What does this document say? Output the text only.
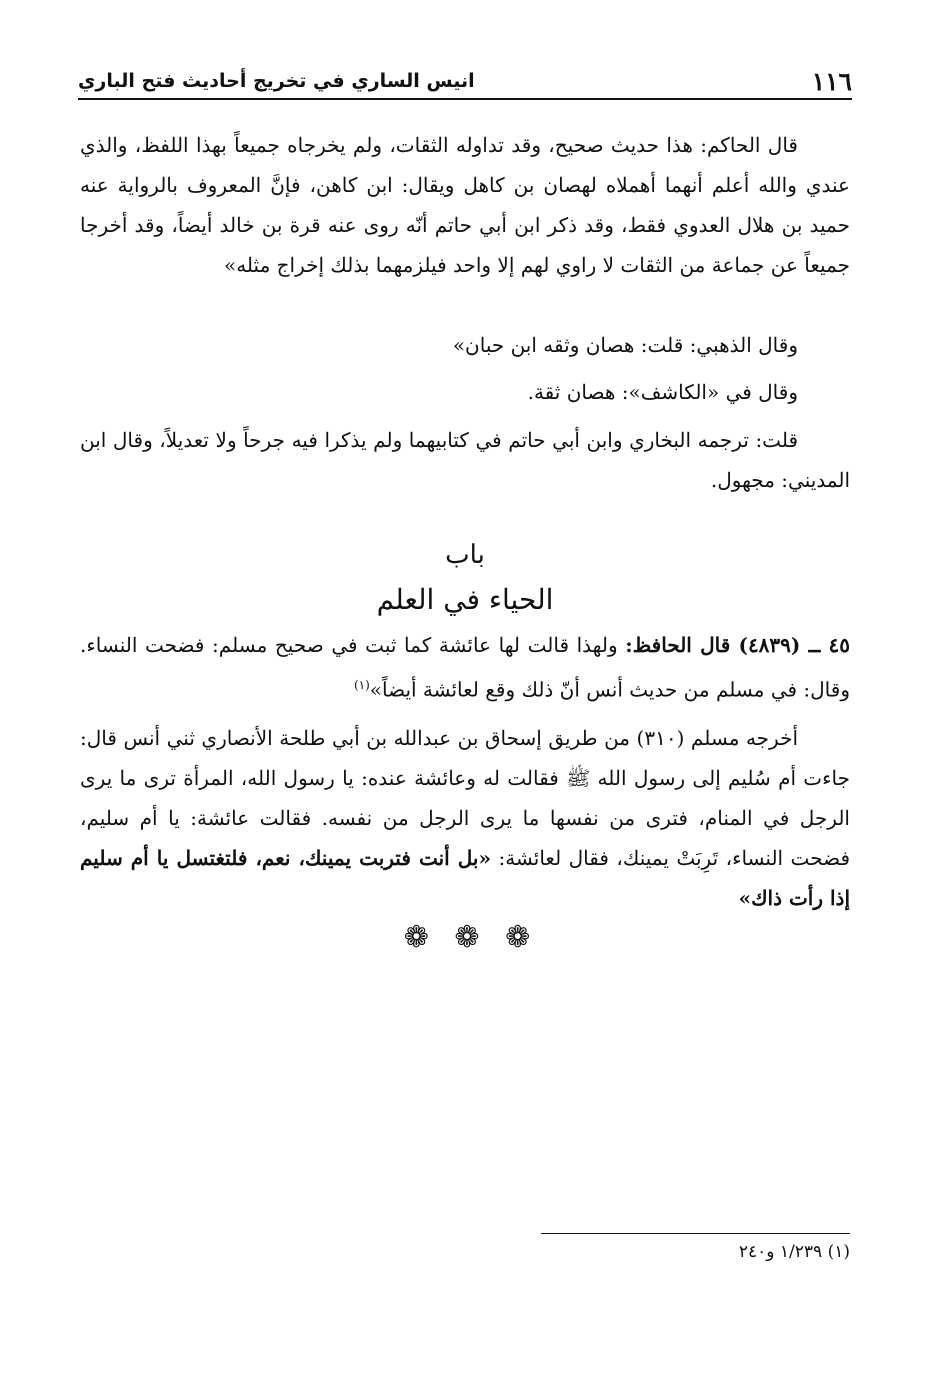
١١٦
انيس الساري في تخريج أحاديث فتح الباري

قال الحاكم: هذا حديث صحيح، وقد تداوله الثقات، ولم يخرجاه جميعاً بهذا اللفظ، والذي عندي والله أعلم أنهما أهملاه لهصان بن كاهل ويقال: ابن كاهن، فإنَّ المعروف بالرواية عنه حميد بن هلال العدوي فقط، وقد ذكر ابن أبي حاتم أنّه روى عنه قرة بن خالد أيضاً، وقد أخرجا جميعاً عن جماعة من الثقات لا راوي لهم إلا واحد فيلزمهما بذلك إخراج مثله»

وقال الذهبي: قلت: هصان وثقه ابن حبان»

وقال في «الكاشف»: هصان ثقة.

قلت: ترجمه البخاري وابن أبي حاتم في كتابيهما ولم يذكرا فيه جرحاً ولا تعديلاً، وقال ابن المديني: مجهول.

باب
الحياء في العلم
٤٥ ــ (٤٨٣٩) قال الحافظ: ولهذا قالت لها عائشة كما ثبت في صحيح مسلم: فضحت النساء. وقال: في مسلم من حديث أنس أنّ ذلك وقع لعائشة أيضاً»$^{(١)}$

أخرجه مسلم (٣١٠) من طريق إسحاق بن عبدالله بن أبي طلحة الأنصاري ثني أنس قال: جاءت أم سُليم إلى رسول الله ﷺ فقالت له وعائشة عنده: يا رسول الله، المرأة ترى ما يرى الرجل في المنام، فترى من نفسها ما يرى الرجل من نفسه. فقالت عائشة: يا أم سليم، فضحت النساء، تَرِبَتْ يمينك، فقال لعائشة: «بل أنت فتربت يمينك، نعم، فلتغتسل يا أم سليم إذا رأت ذاك»

❁ ❁ ❁
(١) ١/٢٣٩ و٢٤٠
